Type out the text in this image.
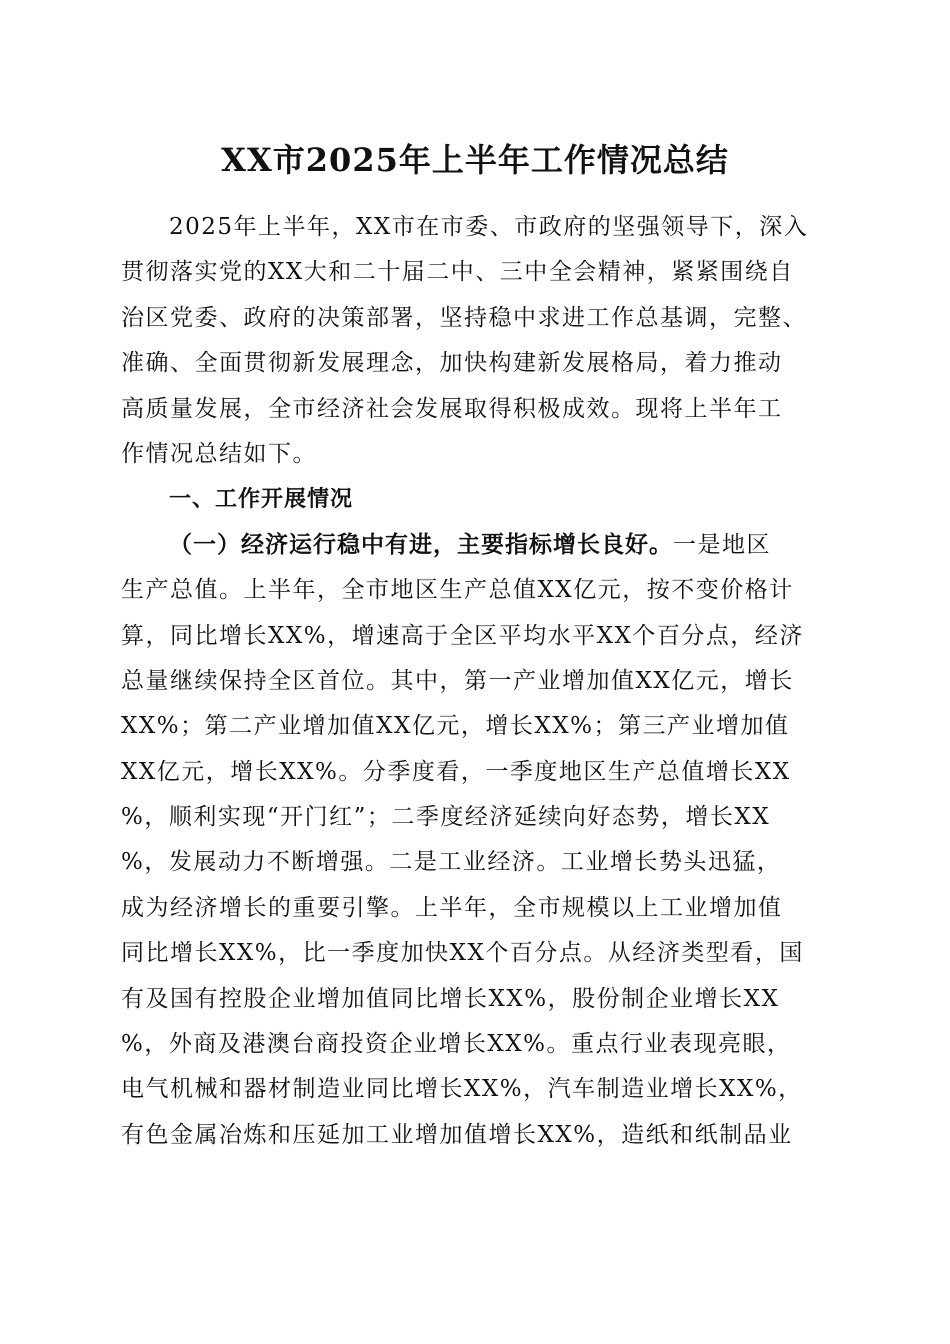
XX市2025年上半年工作情况总结
2025年上半年，XX市在市委、市政府的坚强领导下，深入
贯彻落实党的XX大和二十届二中、三中全会精神，紧紧围绕自
治区党委、政府的决策部署，坚持稳中求进工作总基调，完整、
准确、全面贯彻新发展理念，加快构建新发展格局，着力推动
高质量发展，全市经济社会发展取得积极成效。现将上半年工
作情况总结如下。
一、工作开展情况
（一）经济运行稳中有进，主要指标增长良好。一是地区
生产总值。上半年，全市地区生产总值XX亿元，按不变价格计
算，同比增长XX%，增速高于全区平均水平XX个百分点，经济
总量继续保持全区首位。其中，第一产业增加值XX亿元，增长
XX%；第二产业增加值XX亿元，增长XX%；第三产业增加值
XX亿元，增长XX%。分季度看，一季度地区生产总值增长XX
%，顺利实现“开门红”；二季度经济延续向好态势，增长XX
%，发展动力不断增强。二是工业经济。工业增长势头迅猛，
成为经济增长的重要引擎。上半年，全市规模以上工业增加值
同比增长XX%，比一季度加快XX个百分点。从经济类型看，国
有及国有控股企业增加值同比增长XX%，股份制企业增长XX
%，外商及港澳台商投资企业增长XX%。重点行业表现亮眼，
电气机械和器材制造业同比增长XX%，汽车制造业增长XX%，
有色金属冶炼和压延加工业增加值增长XX%，造纸和纸制品业
